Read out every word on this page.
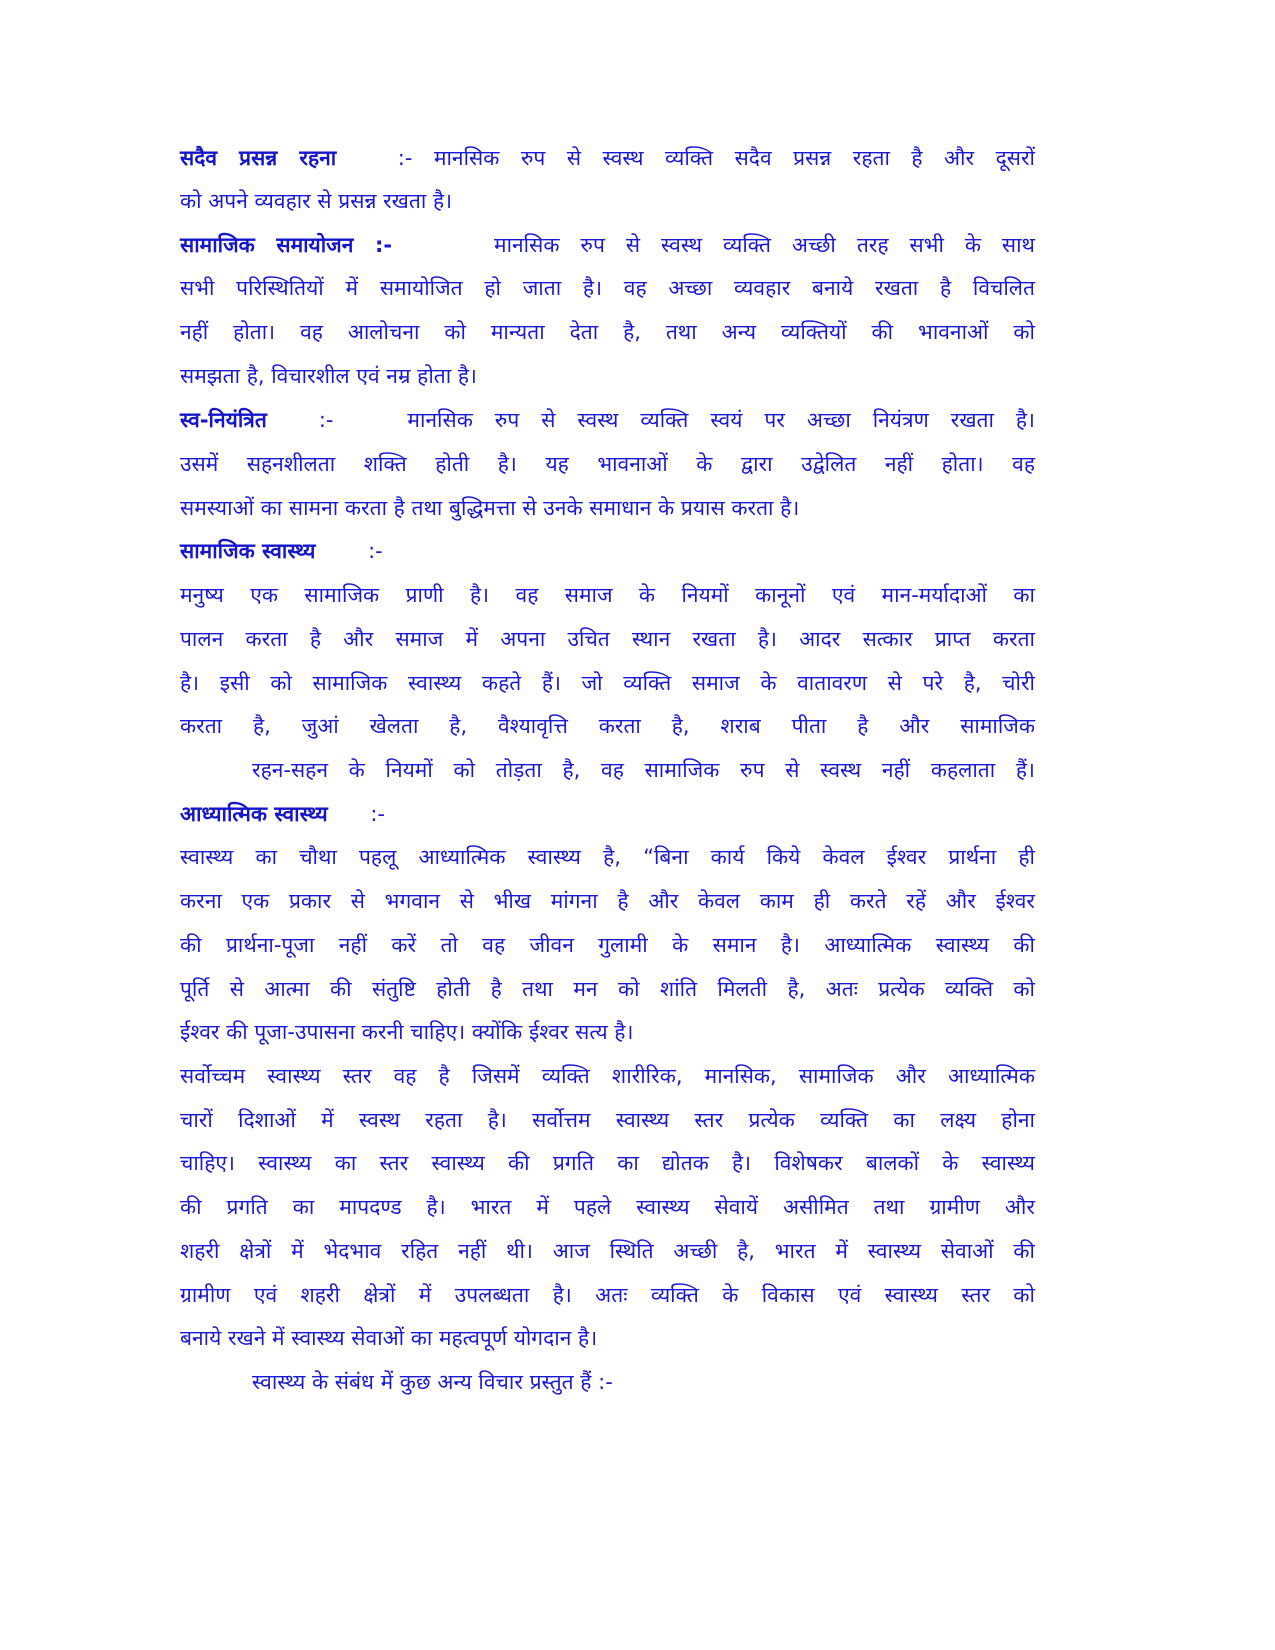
सदैव प्रसन्न रहना	:- मानसिक रुप से स्वस्थ व्यक्ति सदैव प्रसन्न रहता है और दूसरों
को अपने व्यवहार से प्रसन्न रखता है।
सामाजिक समायोजन :-	मानसिक रुप से स्वस्थ व्यक्ति अच्छी तरह सभी के साथ
सभी परिस्थितियों में समायोजित हो जाता है। वह अच्छा व्यवहार बनाये रखता है विचलित
नहीं होता। वह आलोचना को मान्यता देता है, तथा अन्य व्यक्तियों की भावनाओं को
समझता है, विचारशील एवं नम्र होता है।
स्व-नियंत्रित :-	मानसिक रुप से स्वस्थ व्यक्ति स्वयं पर अच्छा नियंत्रण रखता है।
उसमें सहनशीलता शक्ति होती है। यह भावनाओं के द्वारा उद्वेलित नहीं होता। वह
समस्याओं का सामना करता है तथा बुद्धिमत्ता से उनके समाधान के प्रयास करता है।
सामाजिक स्वास्थ्य	:-
मनुष्य एक सामाजिक प्राणी है। वह समाज के नियमों कानूनों एवं मान-मर्यादाओं का
पालन करता है और समाज में अपना उचित स्थान रखता है। आदर सत्कार प्राप्त करता
है। इसी को सामाजिक स्वास्थ्य कहते हैं। जो व्यक्ति समाज के वातावरण से परे है, चोरी
करता है, जुआं खेलता है, वैश्यावृत्ति करता है, शराब पीता है और सामाजिक
रहन-सहन के नियमों को तोड़ता है, वह सामाजिक रुप से स्वस्थ नहीं कहलाता हैं।
आध्यात्मिक स्वास्थ्य :-
स्वास्थ्य का चौथा पहलू आध्यात्मिक स्वास्थ्य है, “बिना कार्य किये केवल ईश्वर प्रार्थना ही
करना एक प्रकार से भगवान से भीख मांगना है और केवल काम ही करते रहें और ईश्वर
की प्रार्थना-पूजा नहीं करें तो वह जीवन गुलामी के समान है। आध्यात्मिक स्वास्थ्य की
पूर्ति से आत्मा की संतुष्टि होती है तथा मन को शांति मिलती है, अतः प्रत्येक व्यक्ति को
ईश्वर की पूजा-उपासना करनी चाहिए। क्योंकि ईश्वर सत्य है।
सर्वोच्चम स्वास्थ्य स्तर वह है जिसमें व्यक्ति शारीरिक, मानसिक, सामाजिक और आध्यात्मिक
चारों दिशाओं में स्वस्थ रहता है। सर्वोत्तम स्वास्थ्य स्तर प्रत्येक व्यक्ति का लक्ष्य होना
चाहिए। स्वास्थ्य का स्तर स्वास्थ्य की प्रगति का द्योतक है। विशेषकर बालकों के स्वास्थ्य
की प्रगति का मापदण्ड है। भारत में पहले स्वास्थ्य सेवायें असीमित तथा ग्रामीण और
शहरी क्षेत्रों में भेदभाव रहित नहीं थी। आज स्थिति अच्छी है, भारत में स्वास्थ्य सेवाओं की
ग्रामीण एवं शहरी क्षेत्रों में उपलब्धता है। अतः व्यक्ति के विकास एवं स्वास्थ्य स्तर को
बनाये रखने में स्वास्थ्य सेवाओं का महत्वपूर्ण योगदान है।
स्वास्थ्य के संबंध में कुछ अन्य विचार प्रस्तुत हैं :-
